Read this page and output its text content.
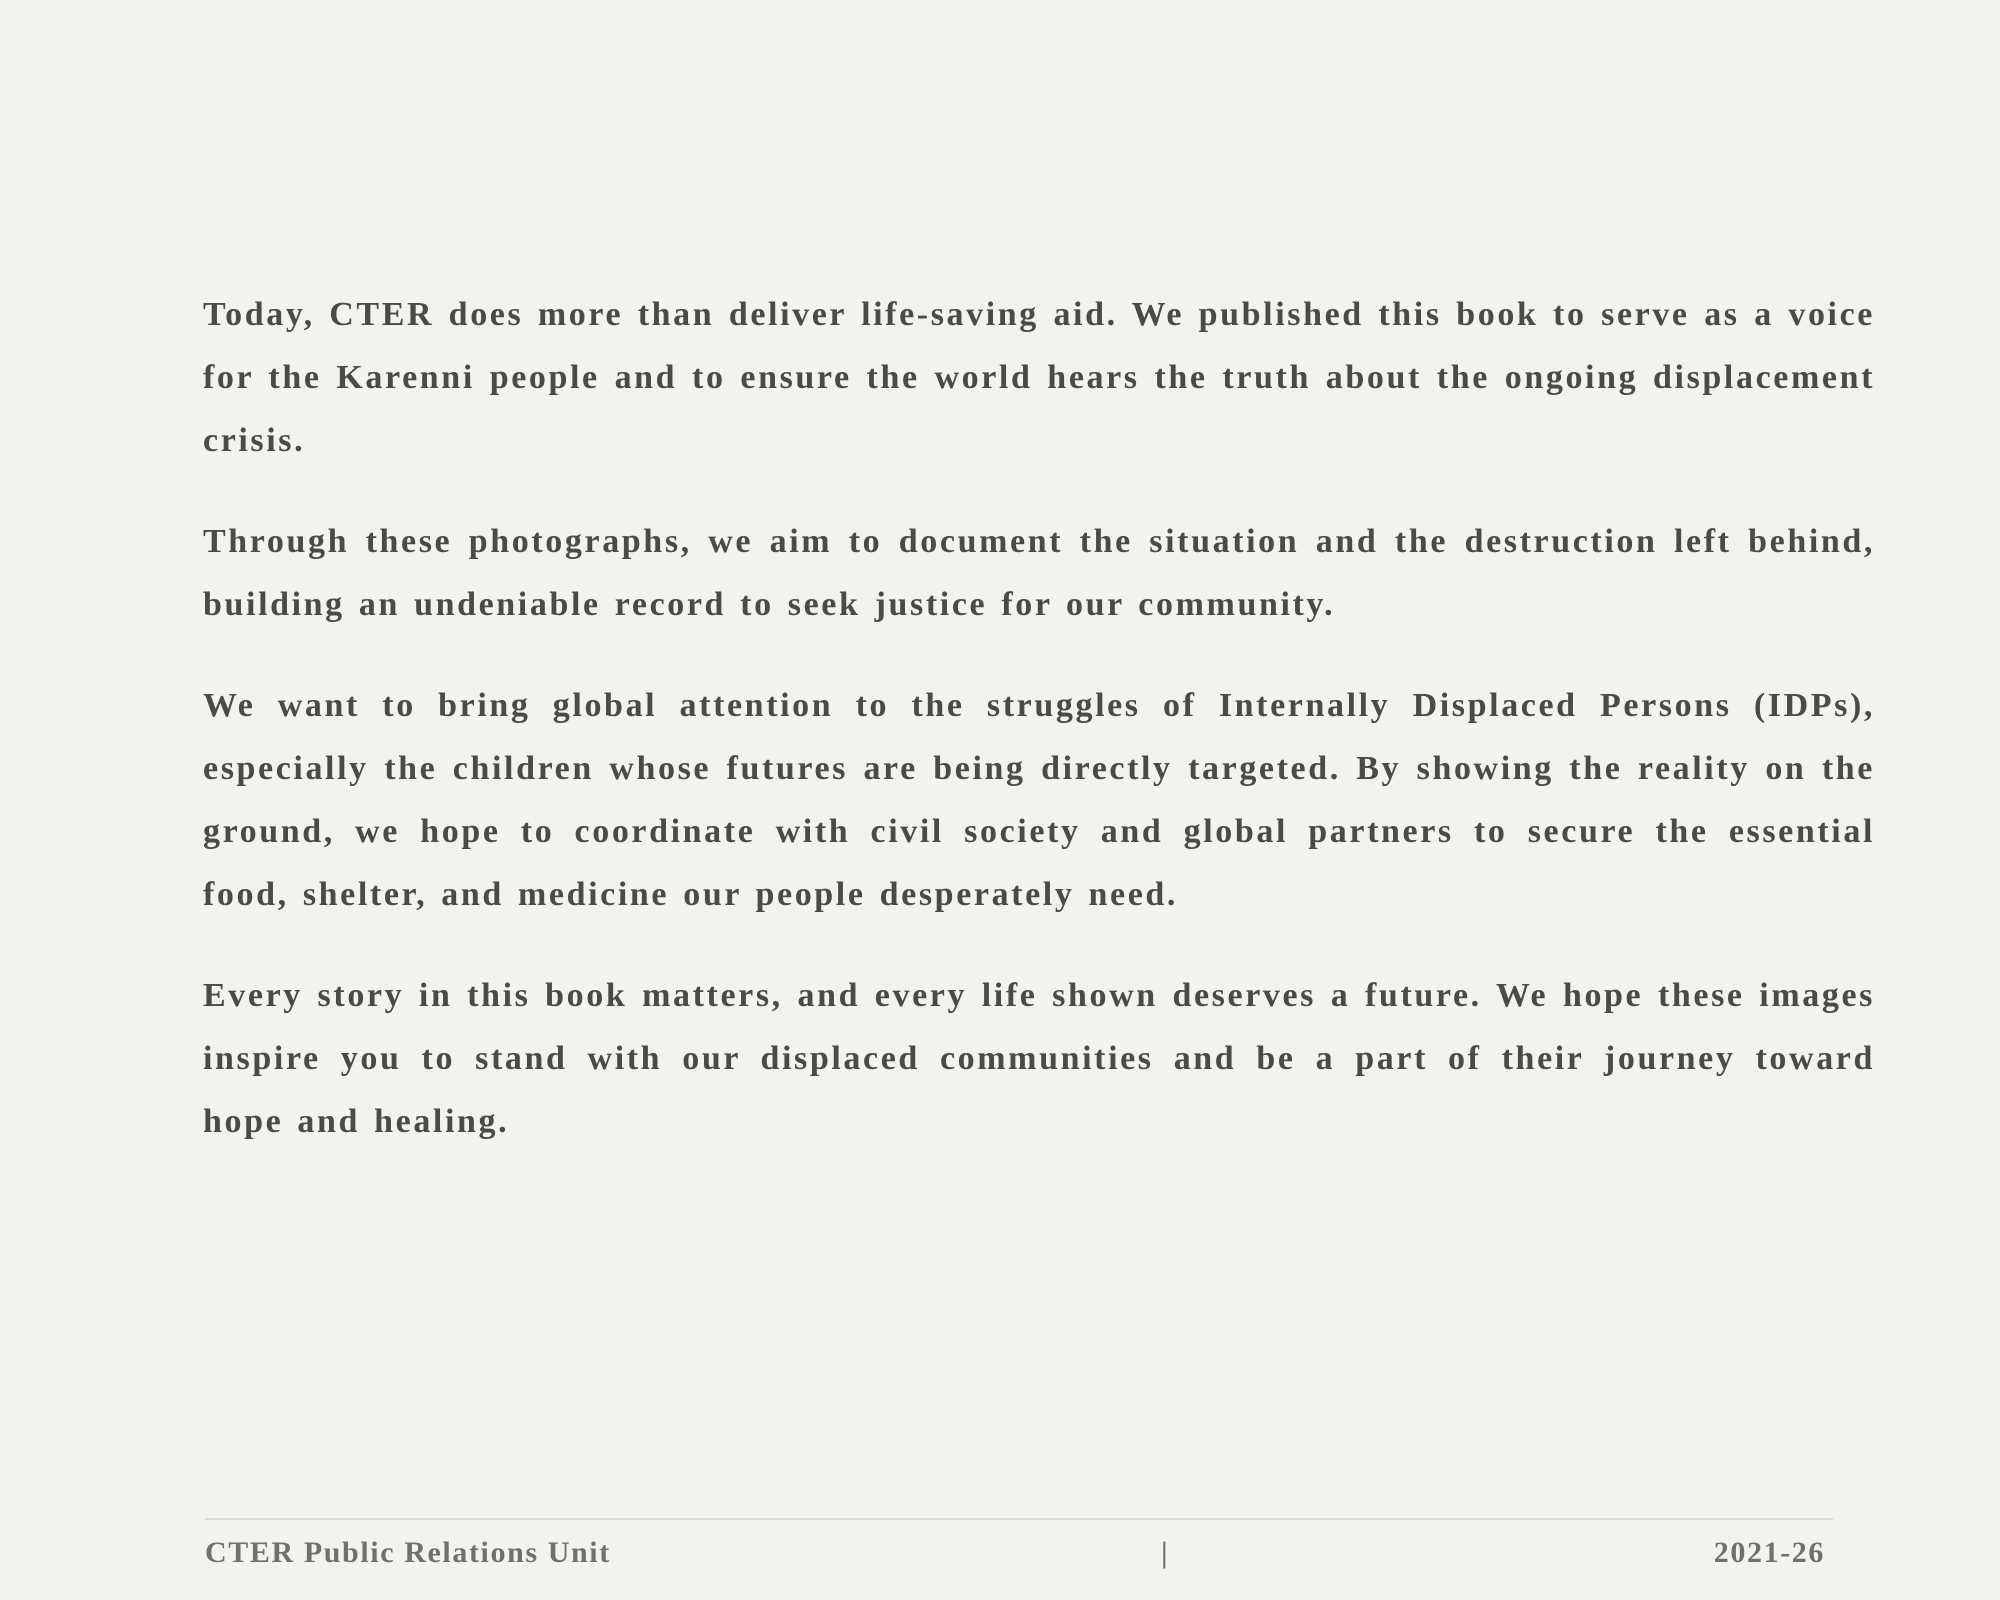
Today, CTER does more than deliver life-saving aid. We published this book to serve as a voice for the Karenni people and to ensure the world hears the truth about the ongoing displacement crisis.

Through these photographs, we aim to document the situation and the destruction left behind, building an undeniable record to seek justice for our community.

We want to bring global attention to the struggles of Internally Displaced Persons (IDPs), especially the children whose futures are being directly targeted. By showing the reality on the ground, we hope to coordinate with civil society and global partners to secure the essential food, shelter, and medicine our people desperately need.

Every story in this book matters, and every life shown deserves a future. We hope these images inspire you to stand with our displaced communities and be a part of their journey toward hope and healing.

CTER Public Relations Unit	|	2021-26
